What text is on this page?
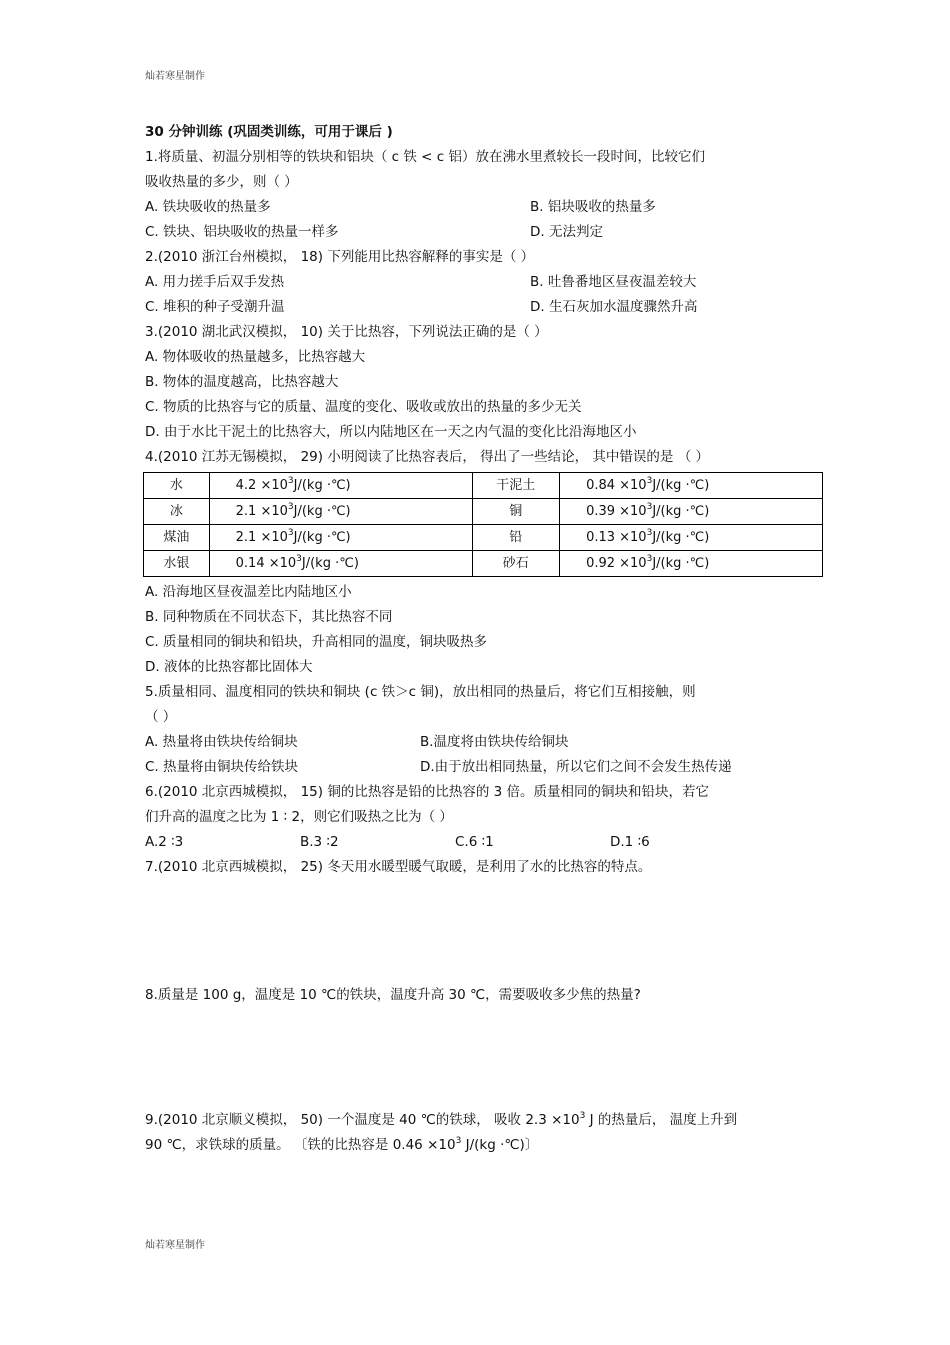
灿若寒星制作
30 分钟训练 (巩固类训练，可用于课后 )
1.将质量、初温分别相等的铁块和铝块（ c 铁 < c 铝）放在沸水里煮较长一段时间，比较它们
吸收热量的多少，则（ ）
A. 铁块吸收的热量多	B. 铝块吸收的热量多
C. 铁块、铝块吸收的热量一样多	D. 无法判定
2.(2010 浙江台州模拟， 18) 下列能用比热容解释的事实是（ ）
A. 用力搓手后双手发热	B. 吐鲁番地区昼夜温差较大
C. 堆积的种子受潮升温	D. 生石灰加水温度骤然升高
3.(2010 湖北武汉模拟， 10) 关于比热容，下列说法正确的是（ ）
A. 物体吸收的热量越多，比热容越大
B. 物体的温度越高，比热容越大
C. 物质的比热容与它的质量、温度的变化、吸收或放出的热量的多少无关
D. 由于水比干泥土的比热容大，所以内陆地区在一天之内气温的变化比沿海地区小
4.(2010 江苏无锡模拟， 29) 小明阅读了比热容表后， 得出了一些结论， 其中错误的是 （ ）
水	$4.2 \times 10^3J/(kg$ ·℃)	干泥土	$0.84 \times 10^3J/(kg$ ·℃)
冰	$2.1 \times 10^3J/(kg$ ·℃)	铜	$0.39 \times 10^3J/(kg$ ·℃)
煤油	$2.1 \times 10^3J/(kg$ ·℃)	铅	$0.13 \times 10^3J/(kg$ ·℃)
水银	$0.14 \times 10^3J/(kg$ ·℃)	砂石	$0.92 \times 10^3J/(kg$ ·℃)
A. 沿海地区昼夜温差比内陆地区小
B. 同种物质在不同状态下，其比热容不同
C. 质量相同的铜块和铅块，升高相同的温度，铜块吸热多
D. 液体的比热容都比固体大
5.质量相同、温度相同的铁块和铜块 (c 铁＞c 铜)，放出相同的热量后，将它们互相接触，则
（ ）
A. 热量将由铁块传给铜块	B.温度将由铁块传给铜块
C. 热量将由铜块传给铁块	D.由于放出相同热量，所以它们之间不会发生热传递
6.(2010 北京西城模拟， 15) 铜的比热容是铅的比热容的 3 倍。质量相同的铜块和铅块，若它
们升高的温度之比为 1 ∶ 2，则它们吸热之比为（ ）
A.2 ∶3	B.3 ∶2	C.6 ∶1	D.1 ∶6
7.(2010 北京西城模拟， 25) 冬天用水暖型暖气取暖，是利用了水的比热容的特点。
8.质量是 100 g，温度是 10 ℃的铁块，温度升高 30 ℃，需要吸收多少焦的热量?
9.(2010 北京顺义模拟， 50) 一个温度是 40 ℃的铁球， 吸收 $2.3 \times 10^3$ J 的热量后， 温度上升到
90 ℃，求铁球的质量。 〔铁的比热容是 $0.46 \times 10^3$ J/(kg ·℃)〕
灿若寒星制作
